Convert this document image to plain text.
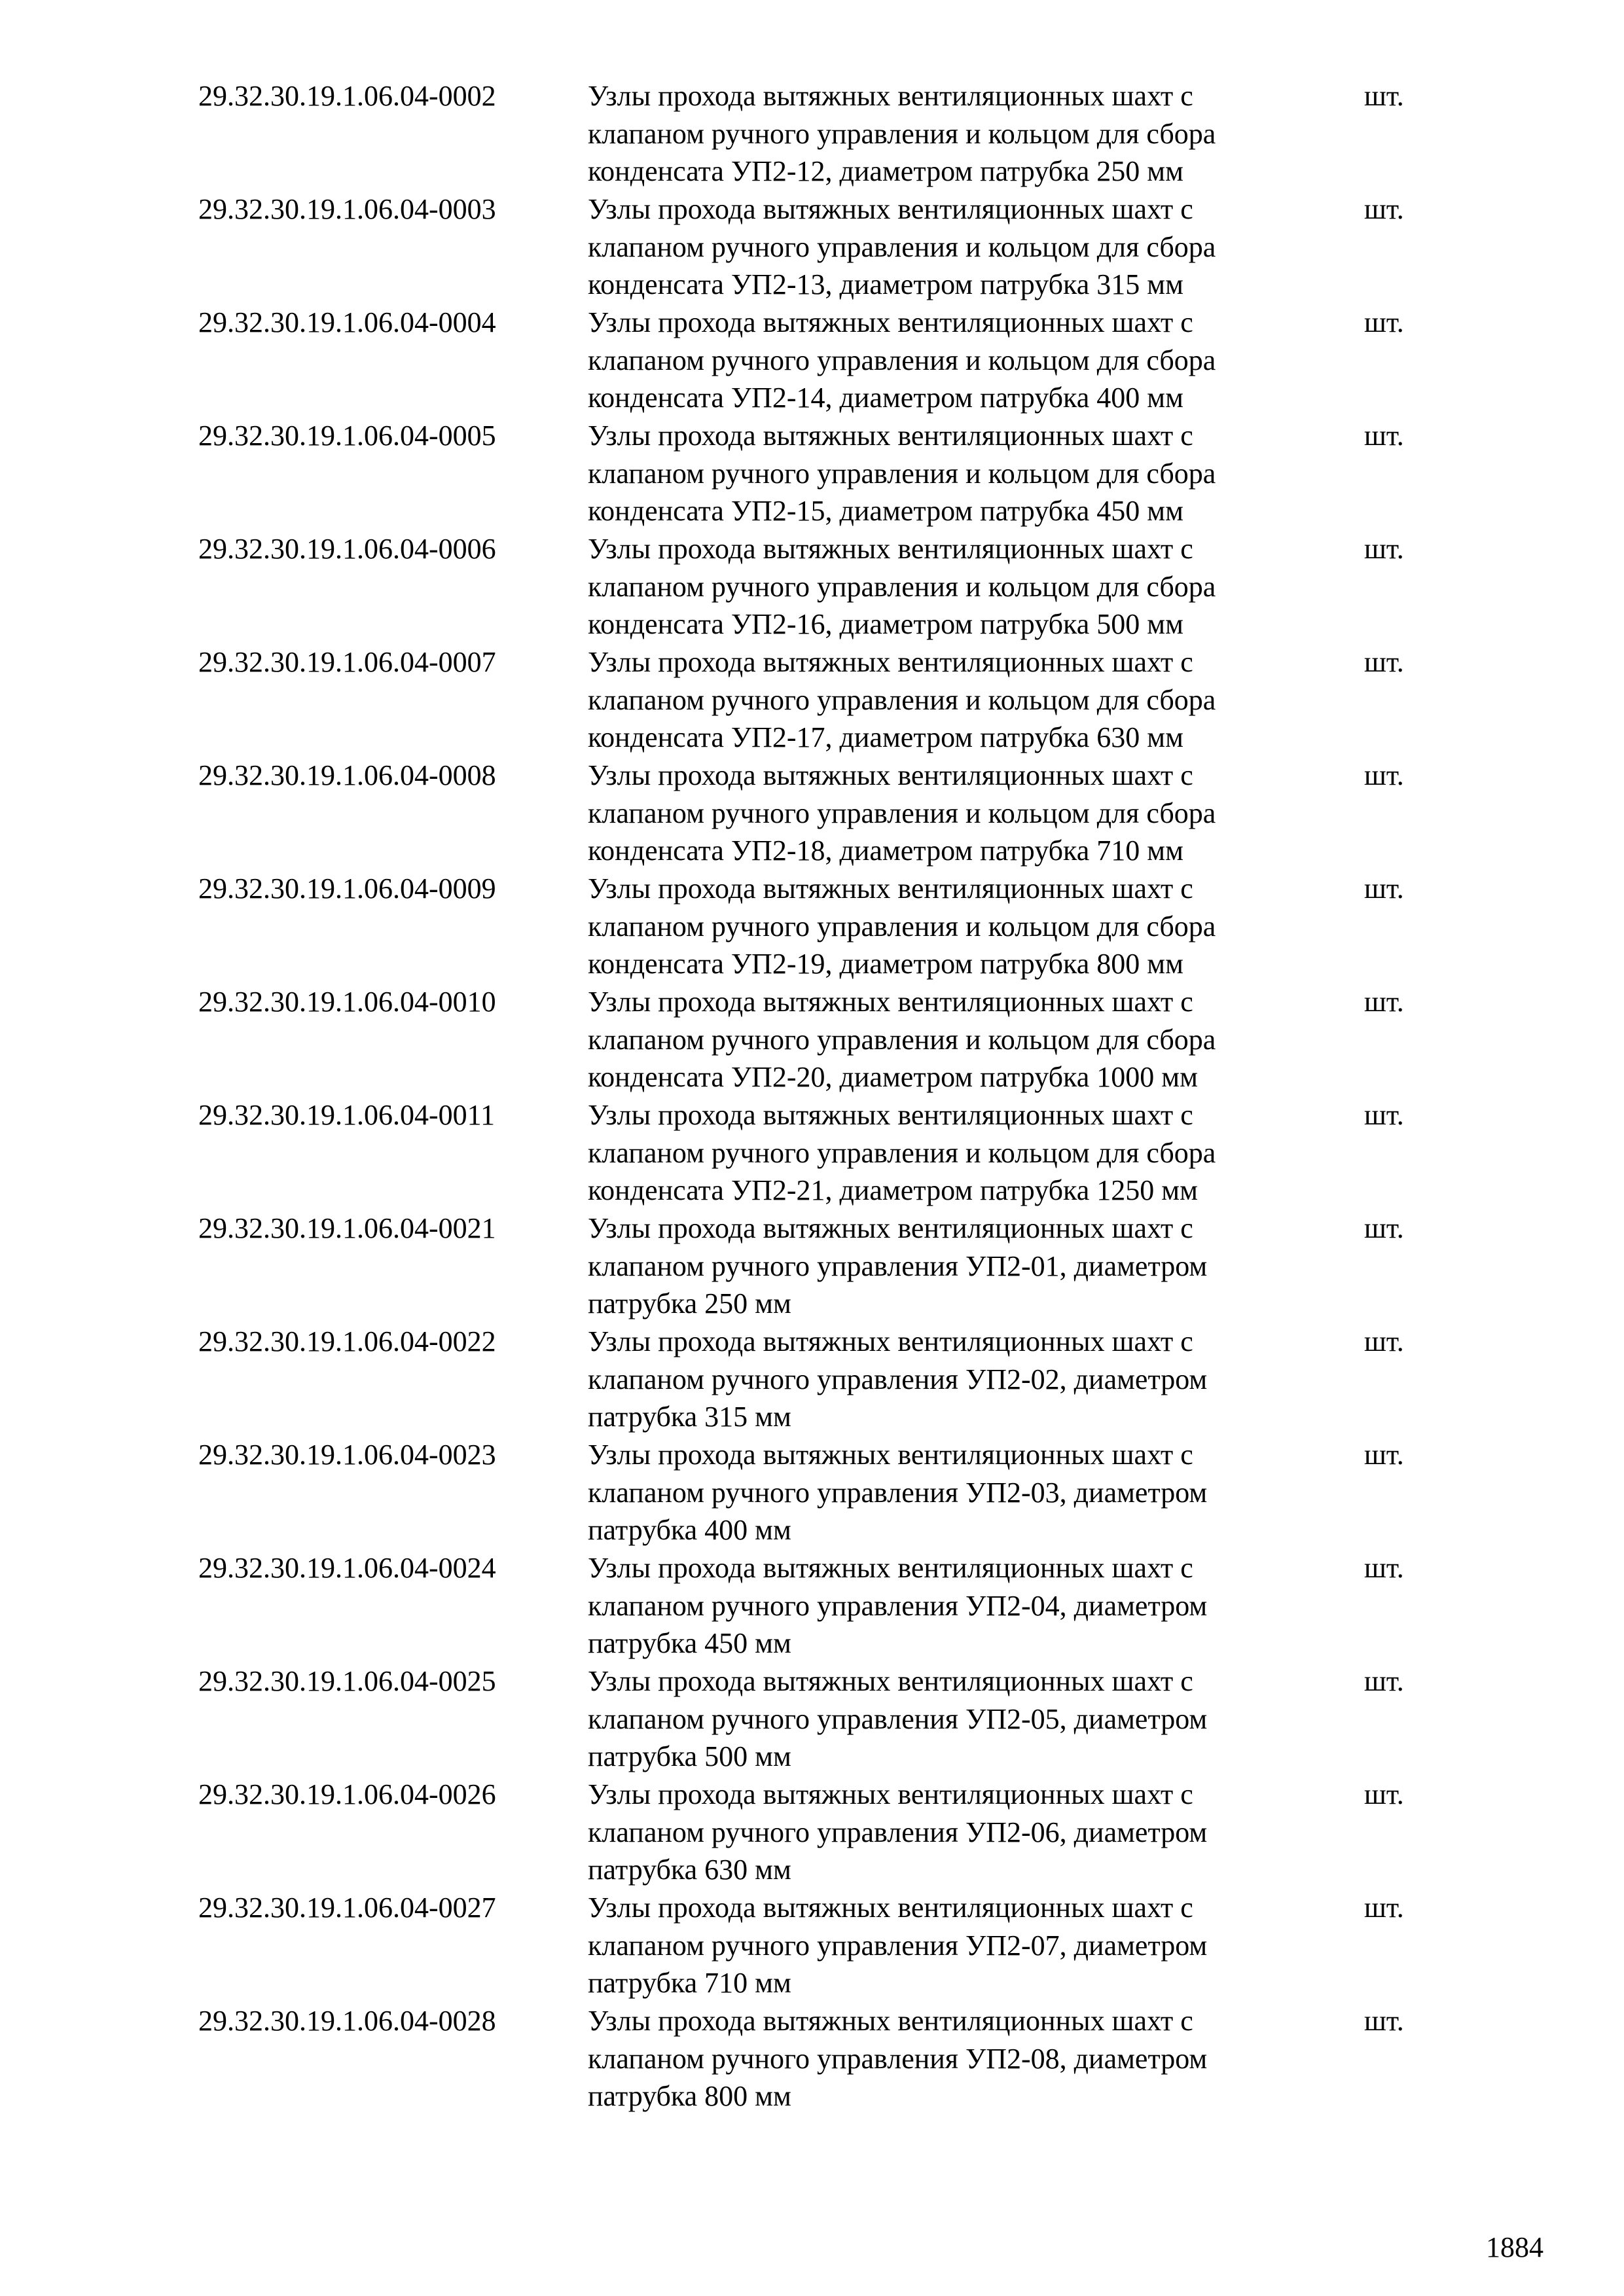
29.32.30.19.1.06.04-0002	Узлы прохода вытяжных вентиляционных шахт с
клапаном ручного управления и кольцом для сбора
конденсата УП2-12, диаметром патрубка 250 мм
шт.
29.32.30.19.1.06.04-0003	Узлы прохода вытяжных вентиляционных шахт с
клапаном ручного управления и кольцом для сбора
конденсата УП2-13, диаметром патрубка 315 мм
шт.
29.32.30.19.1.06.04-0004	Узлы прохода вытяжных вентиляционных шахт с
клапаном ручного управления и кольцом для сбора
конденсата УП2-14, диаметром патрубка 400 мм
шт.
29.32.30.19.1.06.04-0005	Узлы прохода вытяжных вентиляционных шахт с
клапаном ручного управления и кольцом для сбора
конденсата УП2-15, диаметром патрубка 450 мм
шт.
29.32.30.19.1.06.04-0006	Узлы прохода вытяжных вентиляционных шахт с
клапаном ручного управления и кольцом для сбора
конденсата УП2-16, диаметром патрубка 500 мм
шт.
29.32.30.19.1.06.04-0007	Узлы прохода вытяжных вентиляционных шахт с
клапаном ручного управления и кольцом для сбора
конденсата УП2-17, диаметром патрубка 630 мм
шт.
29.32.30.19.1.06.04-0008	Узлы прохода вытяжных вентиляционных шахт с
клапаном ручного управления и кольцом для сбора
конденсата УП2-18, диаметром патрубка 710 мм
шт.
29.32.30.19.1.06.04-0009	Узлы прохода вытяжных вентиляционных шахт с
клапаном ручного управления и кольцом для сбора
конденсата УП2-19, диаметром патрубка 800 мм
шт.
29.32.30.19.1.06.04-0010	Узлы прохода вытяжных вентиляционных шахт с
клапаном ручного управления и кольцом для сбора
конденсата УП2-20, диаметром патрубка 1000 мм
шт.
29.32.30.19.1.06.04-0011	Узлы прохода вытяжных вентиляционных шахт с
клапаном ручного управления и кольцом для сбора
конденсата УП2-21, диаметром патрубка 1250 мм
шт.
29.32.30.19.1.06.04-0021	Узлы прохода вытяжных вентиляционных шахт с
клапаном ручного управления УП2-01, диаметром
патрубка 250 мм
шт.
29.32.30.19.1.06.04-0022	Узлы прохода вытяжных вентиляционных шахт с
клапаном ручного управления УП2-02, диаметром
патрубка 315 мм
шт.
29.32.30.19.1.06.04-0023	Узлы прохода вытяжных вентиляционных шахт с
клапаном ручного управления УП2-03, диаметром
патрубка 400 мм
шт.
29.32.30.19.1.06.04-0024	Узлы прохода вытяжных вентиляционных шахт с
клапаном ручного управления УП2-04, диаметром
патрубка 450 мм
шт.
29.32.30.19.1.06.04-0025	Узлы прохода вытяжных вентиляционных шахт с
клапаном ручного управления УП2-05, диаметром
патрубка 500 мм
шт.
29.32.30.19.1.06.04-0026	Узлы прохода вытяжных вентиляционных шахт с
клапаном ручного управления УП2-06, диаметром
патрубка 630 мм
шт.
29.32.30.19.1.06.04-0027	Узлы прохода вытяжных вентиляционных шахт с
клапаном ручного управления УП2-07, диаметром
патрубка 710 мм
шт.
29.32.30.19.1.06.04-0028	Узлы прохода вытяжных вентиляционных шахт с
клапаном ручного управления УП2-08, диаметром
патрубка 800 мм
шт.
1884
